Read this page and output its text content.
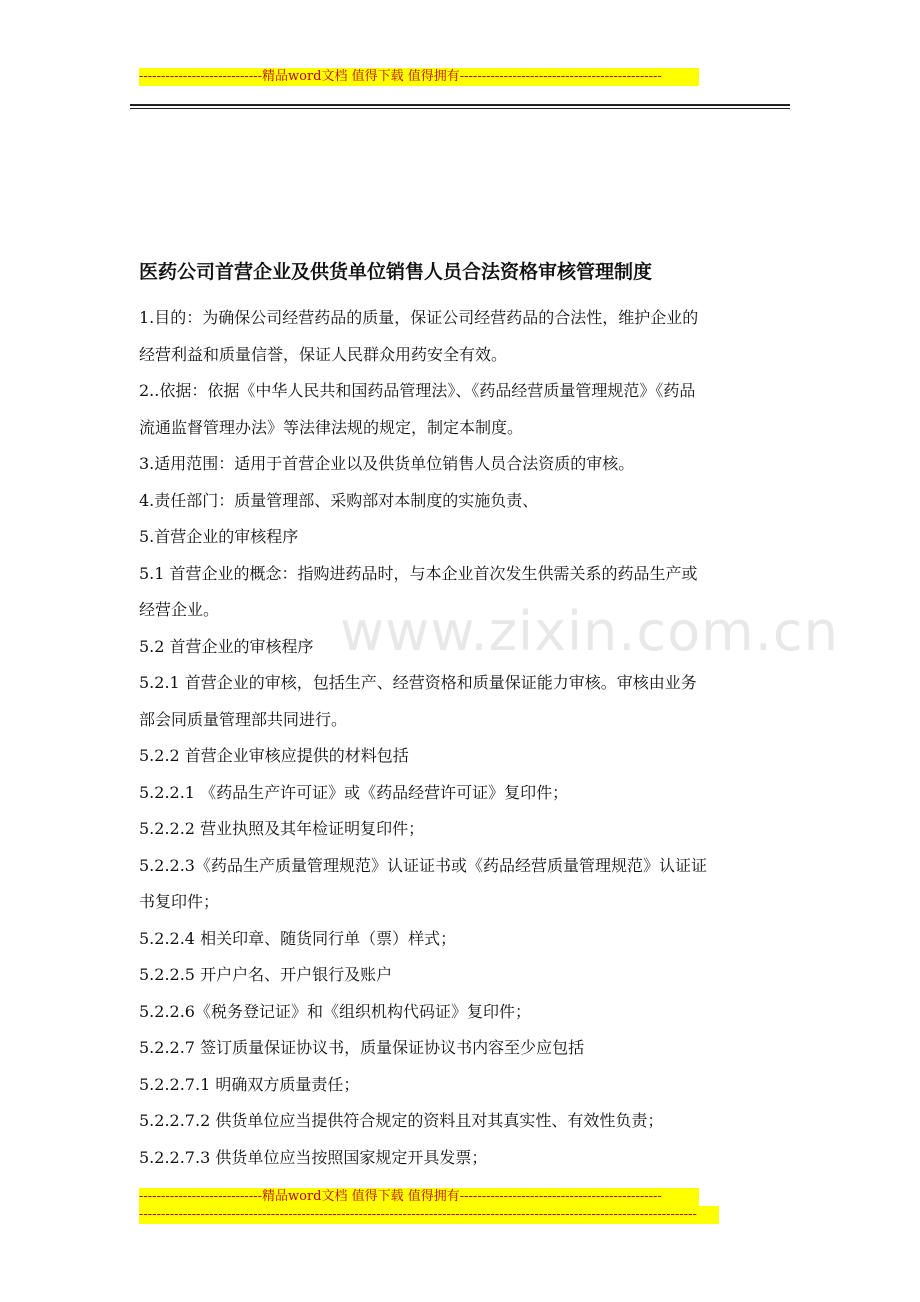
----------------------------精品word文档 值得下载 值得拥有----------------------------------------------
www.zixin.com.cn
医药公司首营企业及供货单位销售人员合法资格审核管理制度

1.目的：为确保公司经营药品的质量，保证公司经营药品的合法性，维护企业的

经营利益和质量信誉，保证人民群众用药安全有效。

2..依据：依据《中华人民共和国药品管理法》、《药品经营质量管理规范》《药品

流通监督管理办法》等法律法规的规定，制定本制度。

3.适用范围：适用于首营企业以及供货单位销售人员合法资质的审核。

4.责任部门：质量管理部、采购部对本制度的实施负责、

5.首营企业的审核程序

5.1 首营企业的概念：指购进药品时，与本企业首次发生供需关系的药品生产或

经营企业。

5.2 首营企业的审核程序

5.2.1 首营企业的审核，包括生产、经营资格和质量保证能力审核。审核由业务

部会同质量管理部共同进行。

5.2.2 首营企业审核应提供的材料包括

5.2.2.1 《药品生产许可证》或《药品经营许可证》复印件；

5.2.2.2 营业执照及其年检证明复印件；

5.2.2.3《药品生产质量管理规范》认证证书或《药品经营质量管理规范》认证证

书复印件；

5.2.2.4 相关印章、随货同行单（票）样式；

5.2.2.5 开户户名、开户银行及账户

5.2.2.6《税务登记证》和《组织机构代码证》复印件；

5.2.2.7 签订质量保证协议书，质量保证协议书内容至少应包括

5.2.2.7.1 明确双方质量责任；

5.2.2.7.2 供货单位应当提供符合规定的资料且对其真实性、有效性负责；

5.2.2.7.3 供货单位应当按照国家规定开具发票；

----------------------------精品word文档 值得下载 值得拥有----------------------------------------------
-------------------------------------------------------------------------------------------------------------------------------
